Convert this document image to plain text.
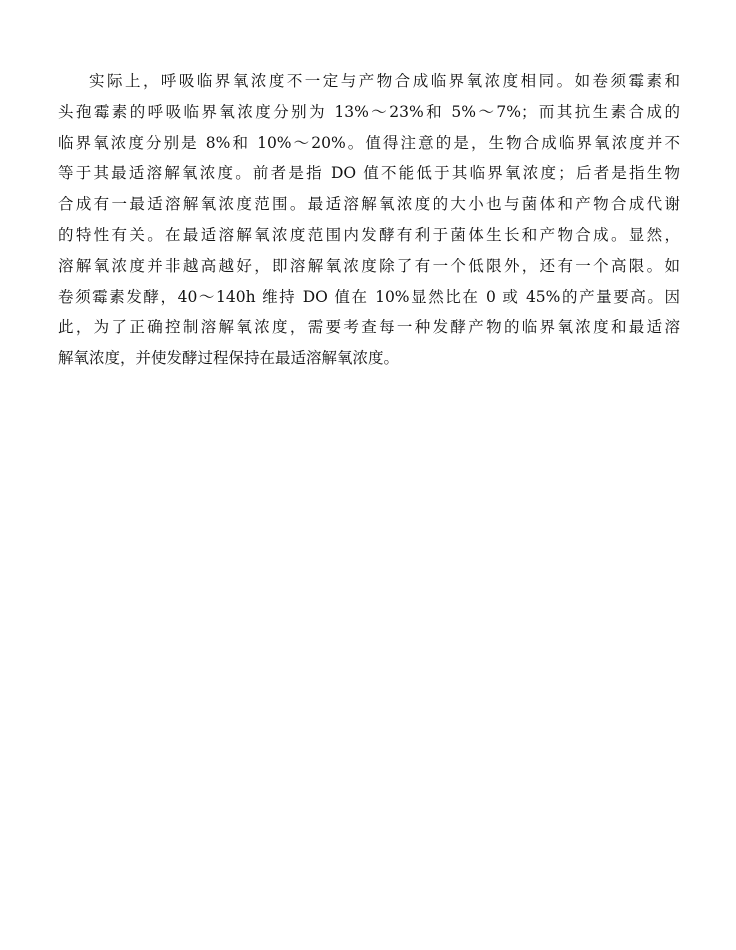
实际上，呼吸临界氧浓度不一定与产物合成临界氧浓度相同。如卷须霉素和
头孢霉素的呼吸临界氧浓度分别为 13%～23%和 5%～7%；而其抗生素合成的
临界氧浓度分别是 8%和 10%～20%。值得注意的是，生物合成临界氧浓度并不
等于其最适溶解氧浓度。前者是指 DO 值不能低于其临界氧浓度；后者是指生物
合成有一最适溶解氧浓度范围。最适溶解氧浓度的大小也与菌体和产物合成代谢
的特性有关。在最适溶解氧浓度范围内发酵有利于菌体生长和产物合成。显然，
溶解氧浓度并非越高越好，即溶解氧浓度除了有一个低限外，还有一个高限。如
卷须霉素发酵，40～140h 维持 DO 值在 10%显然比在 0 或 45%的产量要高。因
此，为了正确控制溶解氧浓度，需要考查每一种发酵产物的临界氧浓度和最适溶
解氧浓度，并使发酵过程保持在最适溶解氧浓度。
